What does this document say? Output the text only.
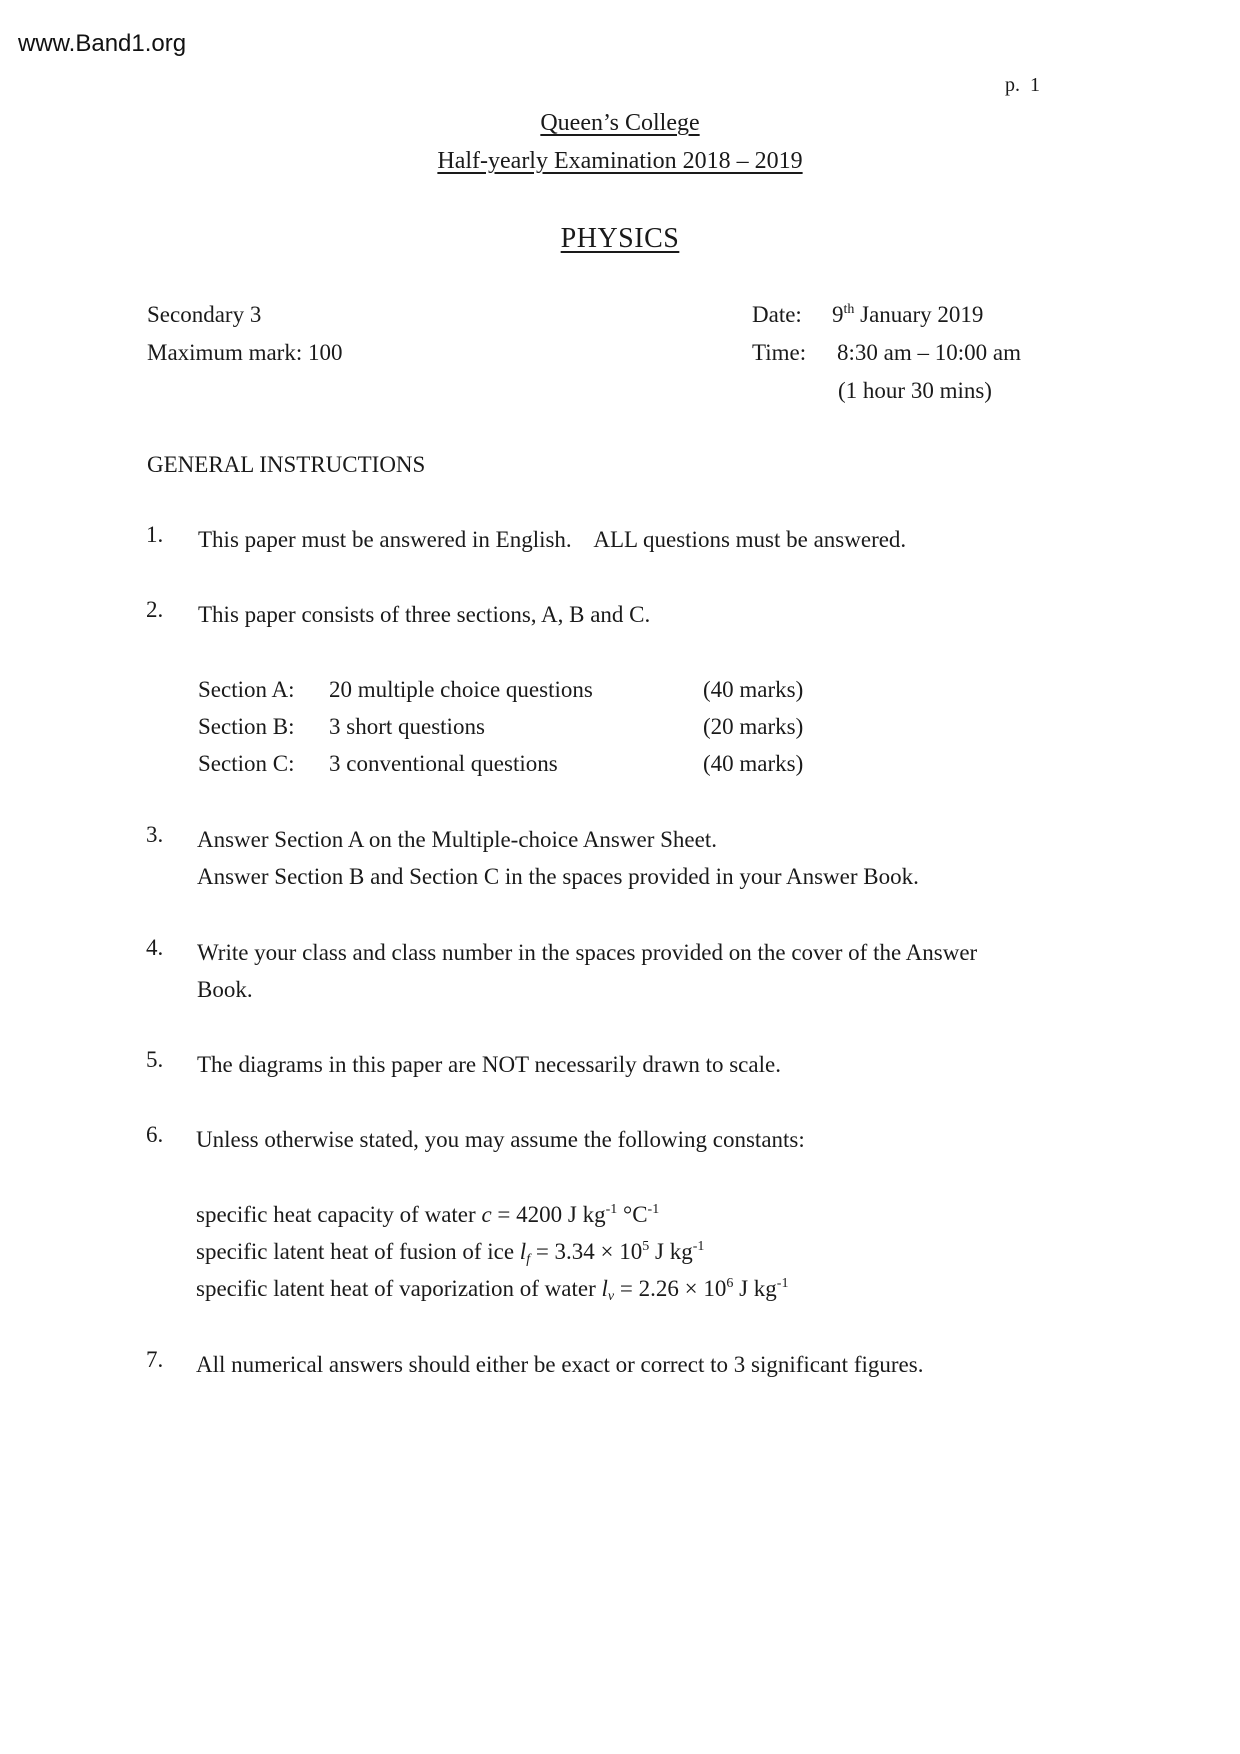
www.Band1.org
p.  1
Queen’s College
Half-yearly Examination 2018 – 2019
PHYSICS
Secondary 3
Maximum mark: 100
Date: 9th January 2019
Time: 8:30 am – 10:00 am
(1 hour 30 mins)
GENERAL INSTRUCTIONS
1. This paper must be answered in English.    ALL questions must be answered.
2. This paper consists of three sections, A, B and C.
Section A: 20 multiple choice questions	(40 marks)
Section B: 3 short questions	(20 marks)
Section C: 3 conventional questions	(40 marks)
3. Answer Section A on the Multiple-choice Answer Sheet.
Answer Section B and Section C in the spaces provided in your Answer Book.
4. Write your class and class number in the spaces provided on the cover of the Answer
Book.
5. The diagrams in this paper are NOT necessarily drawn to scale.
6. Unless otherwise stated, you may assume the following constants:
specific heat capacity of water c = 4200 J $kg^{-1}$ $^\circ C^{-1}$
specific latent heat of fusion of ice $l_f = 3.34 \times 10^5$ J $kg^{-1}$
specific latent heat of vaporization of water $l_v = 2.26 \times 10^6$ J $kg^{-1}$
7. All numerical answers should either be exact or correct to 3 significant figures.
